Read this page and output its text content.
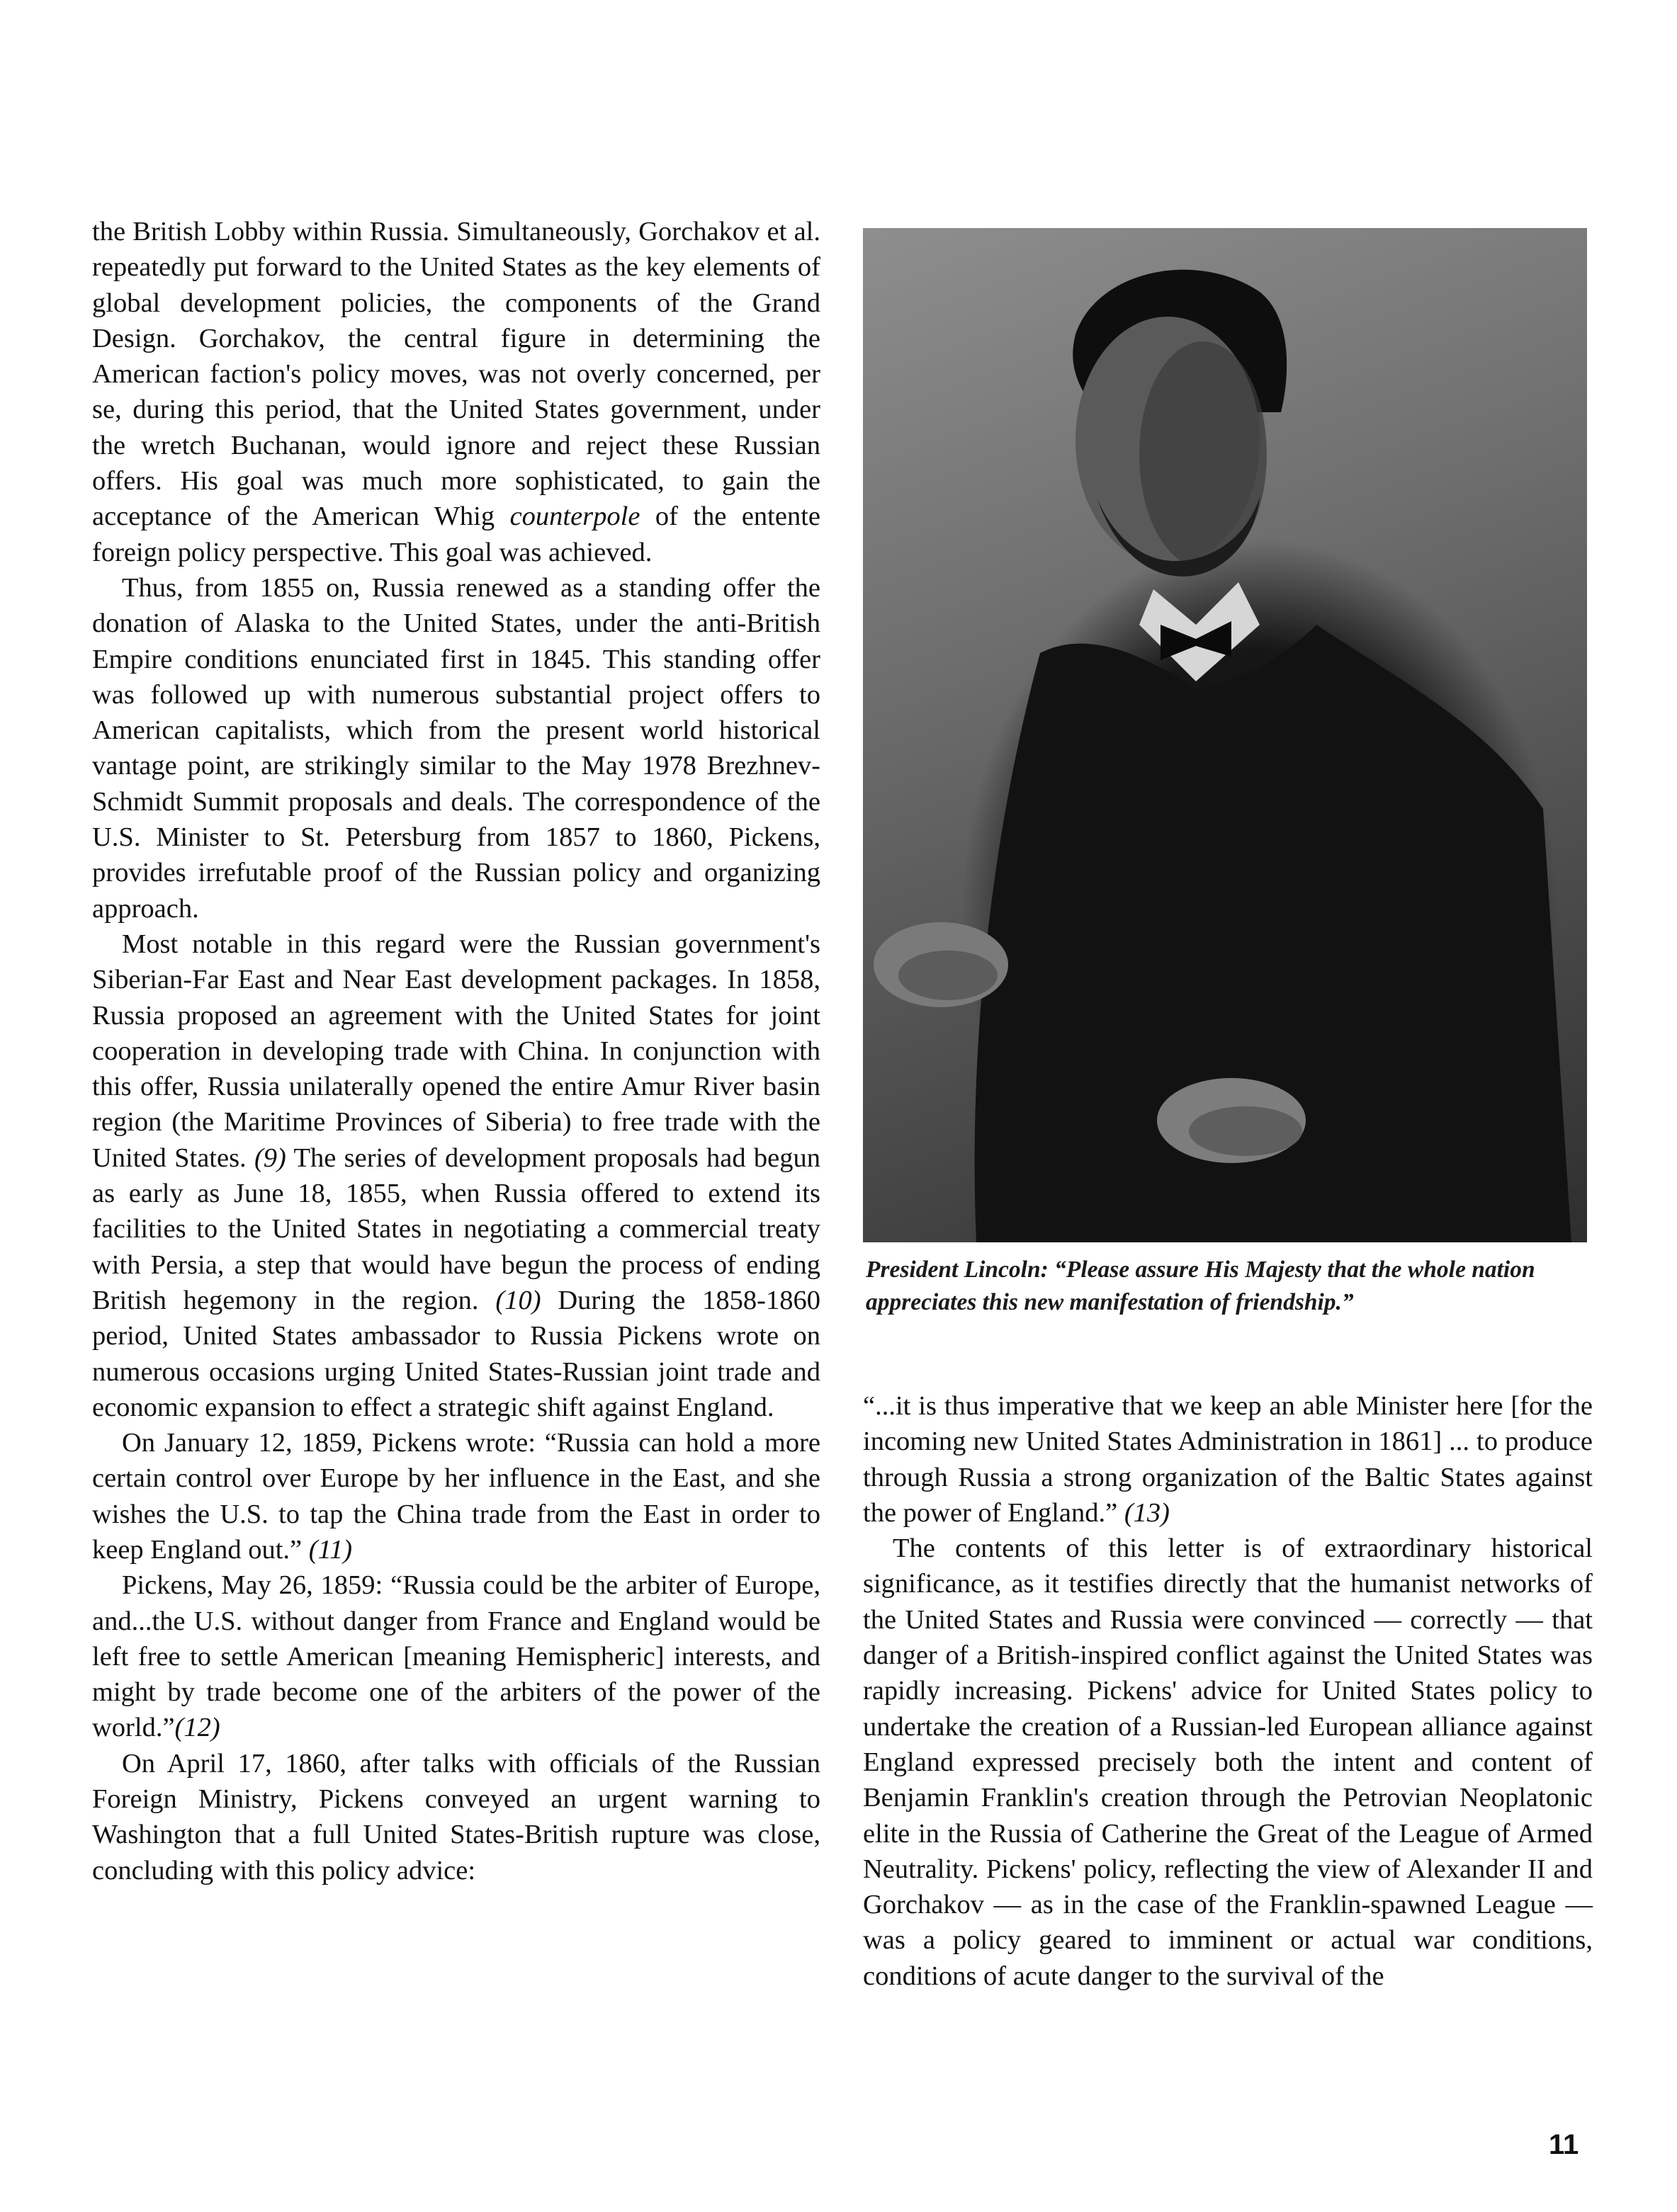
the British Lobby within Russia. Simultaneously, Gorchakov et al. repeatedly put forward to the United States as the key elements of global development policies, the components of the Grand Design. Gorchakov, the central figure in determining the American faction's policy moves, was not overly concerned, per se, during this period, that the United States government, under the wretch Buchanan, would ignore and reject these Russian offers. His goal was much more sophisticated, to gain the acceptance of the American Whig counterpole of the entente foreign policy perspective. This goal was achieved.

Thus, from 1855 on, Russia renewed as a standing offer the donation of Alaska to the United States, under the anti-British Empire conditions enunciated first in 1845. This standing offer was followed up with numerous substantial project offers to American capitalists, which from the present world historical vantage point, are strikingly similar to the May 1978 Brezhnev-Schmidt Summit proposals and deals. The correspondence of the U.S. Minister to St. Petersburg from 1857 to 1860, Pickens, provides irrefutable proof of the Russian policy and organizing approach.

Most notable in this regard were the Russian government's Siberian-Far East and Near East development packages. In 1858, Russia proposed an agreement with the United States for joint cooperation in developing trade with China. In conjunction with this offer, Russia unilaterally opened the entire Amur River basin region (the Maritime Provinces of Siberia) to free trade with the United States. (9) The series of development proposals had begun as early as June 18, 1855, when Russia offered to extend its facilities to the United States in negotiating a commercial treaty with Persia, a step that would have begun the process of ending British hegemony in the region. (10) During the 1858-1860 period, United States ambassador to Russia Pickens wrote on numerous occasions urging United States-Russian joint trade and economic expansion to effect a strategic shift against England.

On January 12, 1859, Pickens wrote: “Russia can hold a more certain control over Europe by her influence in the East, and she wishes the U.S. to tap the China trade from the East in order to keep England out.” (11)

Pickens, May 26, 1859: “Russia could be the arbiter of Europe, and...the U.S. without danger from France and England would be left free to settle American [meaning Hemispheric] interests, and might by trade become one of the arbiters of the power of the world.”(12)

On April 17, 1860, after talks with officials of the Russian Foreign Ministry, Pickens conveyed an urgent warning to Washington that a full United States-British rupture was close, concluding with this policy advice:

President Lincoln: “Please assure His Majesty that the whole nation appreciates this new manifestation of friendship.”

“...it is thus imperative that we keep an able Minister here [for the incoming new United States Administration in 1861] ... to produce through Russia a strong organization of the Baltic States against the power of England.” (13)

The contents of this letter is of extraordinary historical significance, as it testifies directly that the humanist networks of the United States and Russia were convinced — correctly — that danger of a British-inspired conflict against the United States was rapidly increasing. Pickens' advice for United States policy to undertake the creation of a Russian-led European alliance against England expressed precisely both the intent and content of Benjamin Franklin's creation through the Petrovian Neoplatonic elite in the Russia of Catherine the Great of the League of Armed Neutrality. Pickens' policy, reflecting the view of Alexander II and Gorchakov — as in the case of the Franklin-spawned League — was a policy geared to imminent or actual war conditions, conditions of acute danger to the survival of the

11
